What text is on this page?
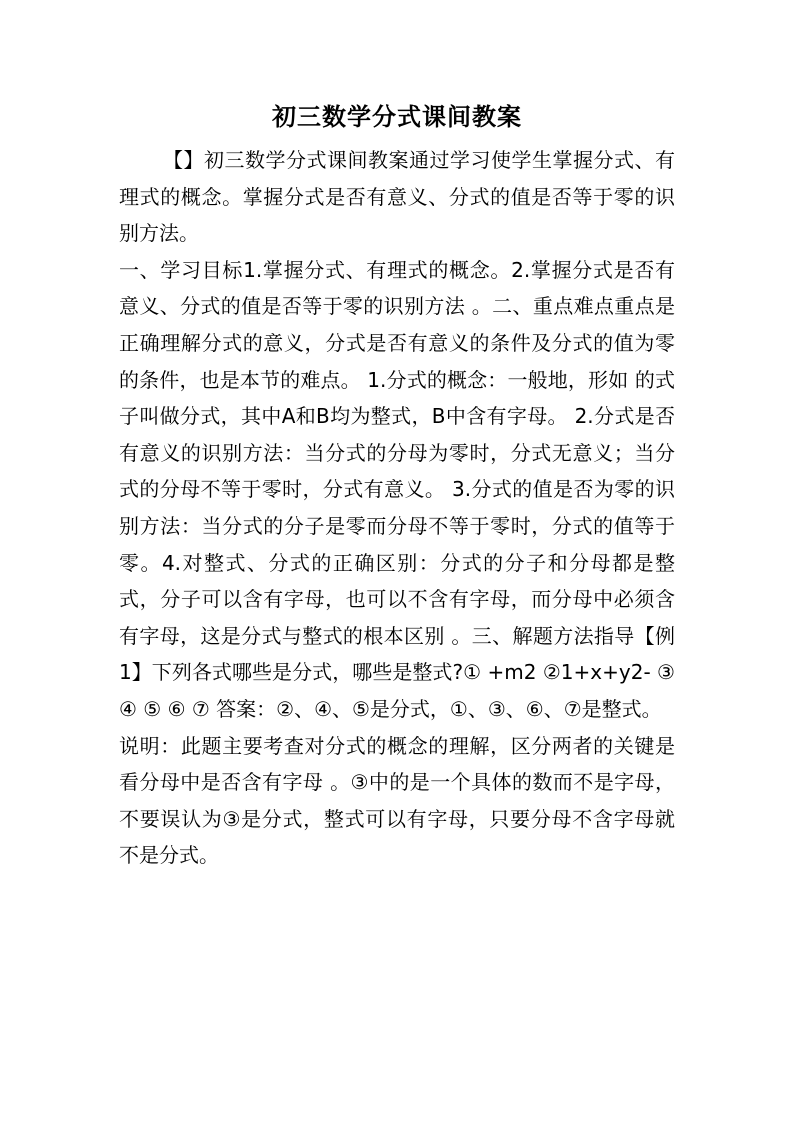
初三数学分式课间教案

【】初三数学分式课间教案通过学习使学生掌握分式、有理式的概念。掌握分式是否有意义、分式的值是否等于零的识别方法。

一、学习目标1.掌握分式、有理式的概念。2.掌握分式是否有意义、分式的值是否等于零的识别方法 。二、重点难点重点是正确理解分式的意义，分式是否有意义的条件及分式的值为零的条件，也是本节的难点。 1.分式的概念：一般地，形如 的式子叫做分式，其中A和B均为整式，B中含有字母。 2.分式是否有意义的识别方法：当分式的分母为零时，分式无意义；当分式的分母不等于零时，分式有意义。 3.分式的值是否为零的识别方法：当分式的分子是零而分母不等于零时，分式的值等于零。4.对整式、分式的正确区别：分式的分子和分母都是整式，分子可以含有字母，也可以不含有字母，而分母中必须含有字母，这是分式与整式的根本区别 。三、解题方法指导【例1】下列各式哪些是分式，哪些是整式?① +m2 ②1+x+y2- ③ ④ ⑤ ⑥ ⑦ 答案：②、④、⑤是分式，①、③、⑥、⑦是整式。

说明：此题主要考查对分式的概念的理解，区分两者的关键是看分母中是否含有字母 。③中的是一个具体的数而不是字母，不要误认为③是分式，整式可以有字母，只要分母不含字母就不是分式。
